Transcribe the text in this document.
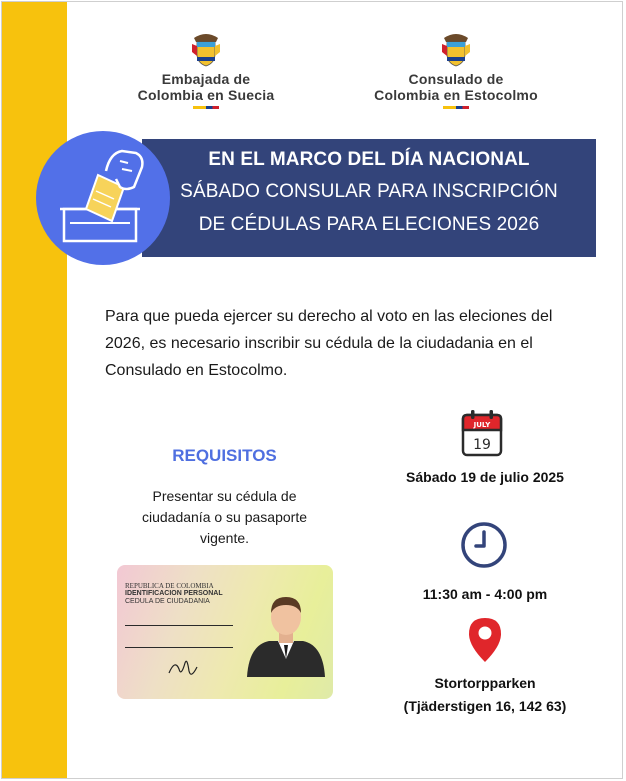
Embajada de
Colombia en Suecia
Consulado de
Colombia en Estocolmo
EN EL MARCO DEL DÍA NACIONAL
SÁBADO CONSULAR PARA INSCRIPCIÓN
DE CÉDULAS PARA ELECIONES 2026
Para que pueda ejercer su derecho al voto en las eleciones del 2026, es necesario inscribir su cédula de la ciudadania en el Consulado en Estocolmo.
REQUISITOS
Presentar su cédula de ciudadanía o su pasaporte vigente.
REPUBLICA DE COLOMBIA
IDENTIFICACION PERSONAL
CEDULA DE CIUDADANIA
JULY
19
Sábado 19 de julio 2025
11:30 am - 4:00 pm
Stortorpparken
(Tjäderstigen 16, 142 63)
